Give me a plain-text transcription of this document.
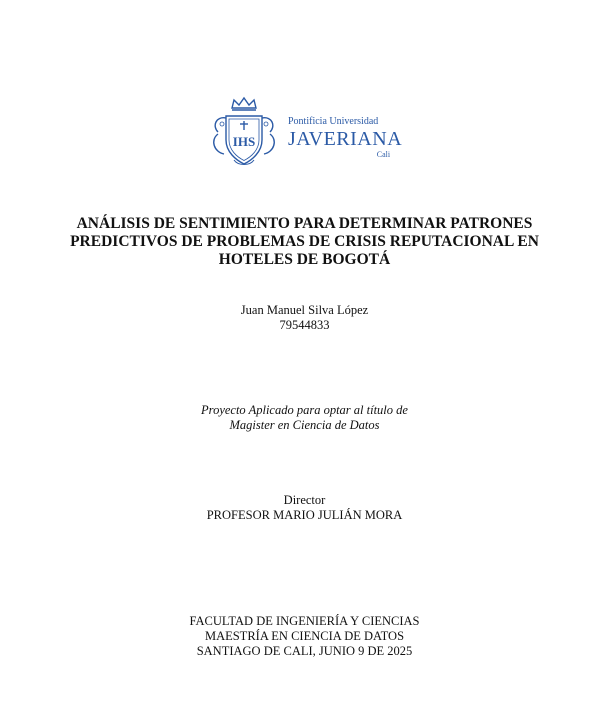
IHS
Pontificia Universidad
JAVERIANA
Cali
ANÁLISIS DE SENTIMIENTO PARA DETERMINAR PATRONES
PREDICTIVOS DE PROBLEMAS DE CRISIS REPUTACIONAL EN
HOTELES DE BOGOTÁ
Juan Manuel Silva López
79544833
Proyecto Aplicado para optar al título de
Magister en Ciencia de Datos
Director
PROFESOR MARIO JULIÁN MORA
FACULTAD DE INGENIERÍA Y CIENCIAS
MAESTRÍA EN CIENCIA DE DATOS
SANTIAGO DE CALI, JUNIO 9 DE 2025
